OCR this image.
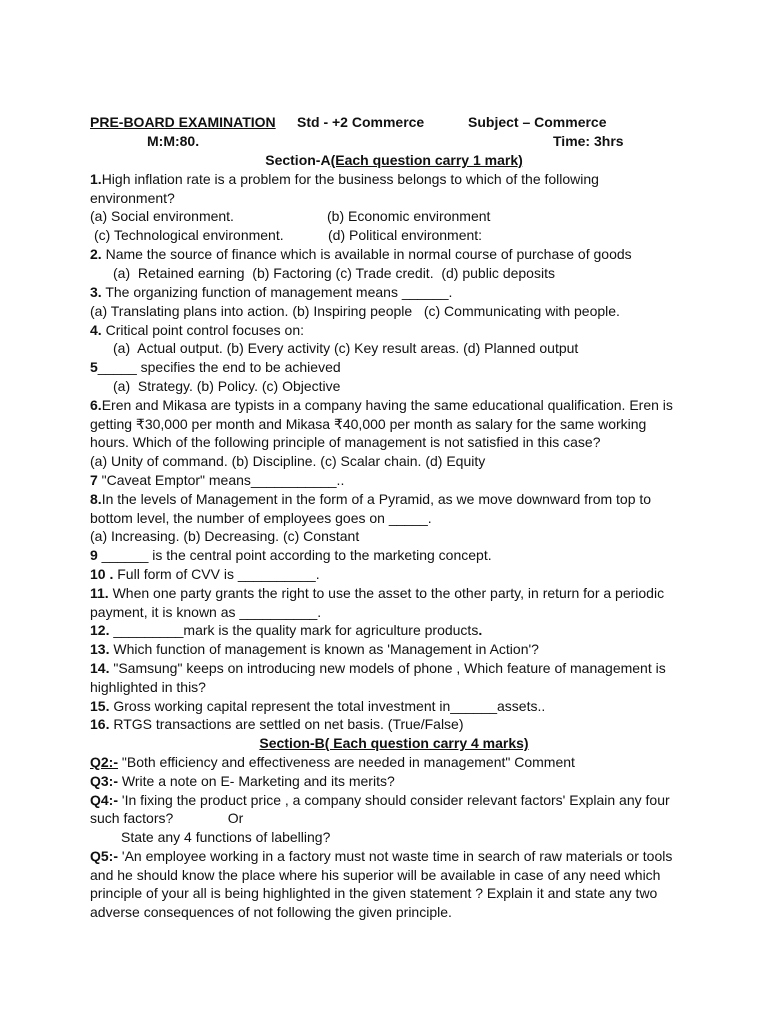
PRE-BOARD EXAMINATION Std - +2 Commerce	Subject – Commerce
M:M:80.	Time: 3hrs
Section-A(Each question carry 1 mark)
1.High inflation rate is a problem for the business belongs to which of the following
environment?
(a) Social environment.	(b) Economic environment
(c) Technological environment.	(d) Political environment:
2. Name the source of finance which is available in normal course of purchase of goods
(a)  Retained earning  (b) Factoring (c) Trade credit.  (d) public deposits
3. The organizing function of management means ______.
(a) Translating plans into action. (b) Inspiring people   (c) Communicating with people.
4. Critical point control focuses on:
(a)  Actual output. (b) Every activity (c) Key result areas. (d) Planned output
5_____ specifies the end to be achieved
(a)  Strategy. (b) Policy. (c) Objective
6.Eren and Mikasa are typists in a company having the same educational qualification. Eren is
getting ₹30,000 per month and Mikasa ₹40,000 per month as salary for the same working
hours. Which of the following principle of management is not satisfied in this case?
(a) Unity of command. (b) Discipline. (c) Scalar chain. (d) Equity
7 "Caveat Emptor" means___________..
8.In the levels of Management in the form of a Pyramid, as we move downward from top to
bottom level, the number of employees goes on _____.
(a) Increasing. (b) Decreasing. (c) Constant
9 ______ is the central point according to the marketing concept.
10 . Full form of CVV is __________.
11. When one party grants the right to use the asset to the other party, in return for a periodic
payment, it is known as __________.
12. _________mark is the quality mark for agriculture products.
13. Which function of management is known as 'Management in Action'?
14. "Samsung" keeps on introducing new models of phone , Which feature of management is
highlighted in this?
15. Gross working capital represent the total investment in______assets..
16. RTGS transactions are settled on net basis. (True/False)
Section-B( Each question carry 4 marks)
Q2:- "Both efficiency and effectiveness are needed in management" Comment
Q3:- Write a note on E- Marketing and its merits?
Q4:- 'In fixing the product price , a company should consider relevant factors' Explain any four
such factors?              Or
State any 4 functions of labelling?
Q5:- 'An employee working in a factory must not waste time in search of raw materials or tools
and he should know the place where his superior will be available in case of any need which
principle of your all is being highlighted in the given statement ? Explain it and state any two
adverse consequences of not following the given principle.
